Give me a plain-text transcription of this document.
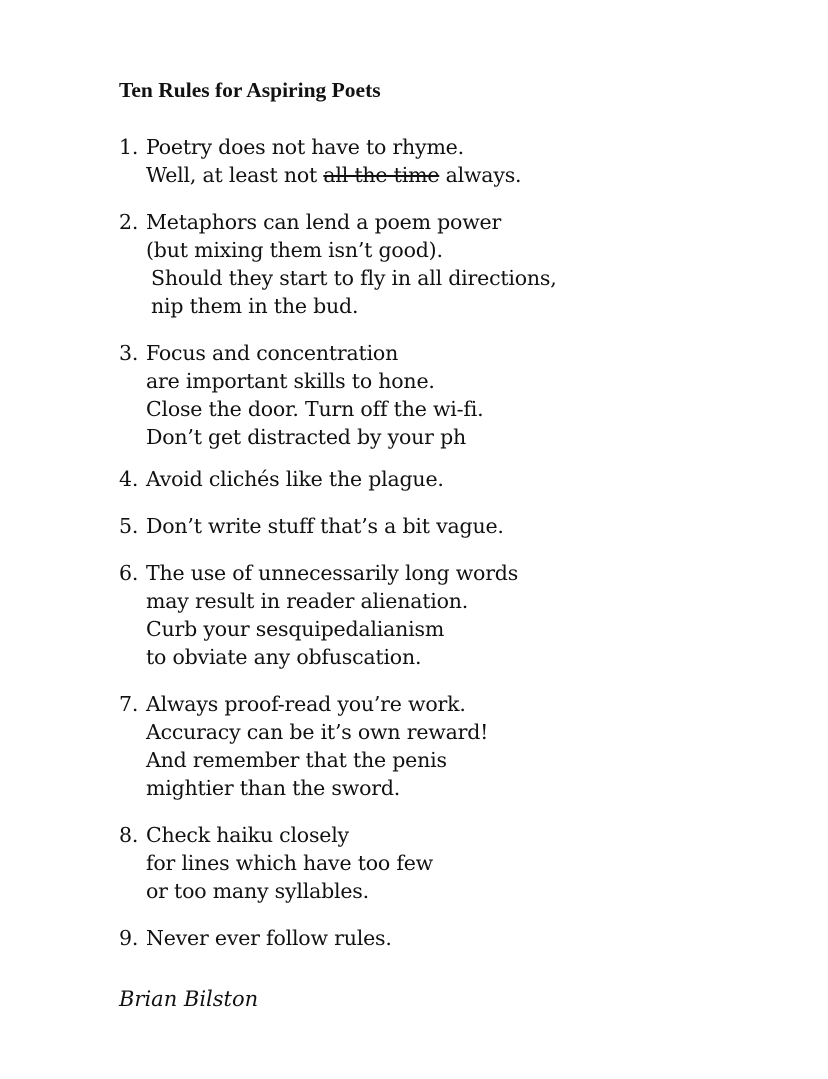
Ten Rules for Aspiring Poets
1. Poetry does not have to rhyme.
Well, at least not all the time always.
2. Metaphors can lend a poem power
(but mixing them isn’t good).
Should they start to fly in all directions,
nip them in the bud.
3. Focus and concentration
are important skills to hone.
Close the door. Turn off the wi-fi.
Don’t get distracted by your ph
4. Avoid clichés like the plague.
5. Don’t write stuff that’s a bit vague.
6. The use of unnecessarily long words
may result in reader alienation.
Curb your sesquipedalianism
to obviate any obfuscation.
7. Always proof-read you’re work.
Accuracy can be it’s own reward!
And remember that the penis
mightier than the sword.
8. Check haiku closely
for lines which have too few
or too many syllables.
9. Never ever follow rules.
Brian Bilston
